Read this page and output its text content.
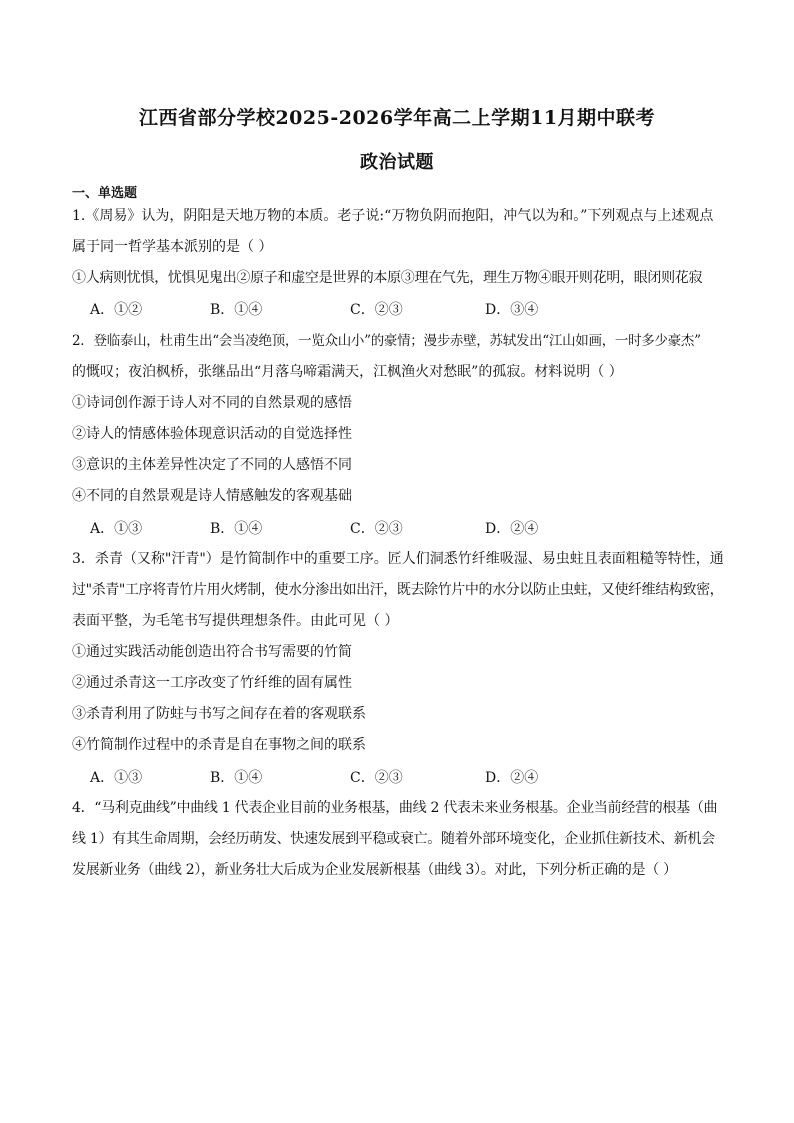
江西省部分学校2025-2026学年高二上学期11月期中联考
政治试题
一、单选题
1.《周易》认为，阴阳是天地万物的本质。老子说:“万物负阴而抱阳，冲气以为和。”下列观点与上述观点
属于同一哲学基本派别的是（ ）
①人病则忧惧，忧惧见鬼出②原子和虚空是世界的本原③理在气先，理生万物④眼开则花明，眼闭则花寂
A．①②	B．①④	C．②③	D．③④
2．登临泰山，杜甫生出“会当凌绝顶，一览众山小”的豪情；漫步赤壁，苏轼发出“江山如画，一时多少豪杰”
的慨叹；夜泊枫桥，张继品出“月落乌啼霜满天，江枫渔火对愁眠”的孤寂。材料说明（ ）
①诗词创作源于诗人对不同的自然景观的感悟
②诗人的情感体验体现意识活动的自觉选择性
③意识的主体差异性决定了不同的人感悟不同
④不同的自然景观是诗人情感触发的客观基础
A．①③	B．①④	C．②③	D．②④
3．杀青（又称"汗青"）是竹简制作中的重要工序。匠人们洞悉竹纤维吸湿、易虫蛀且表面粗糙等特性，通
过"杀青"工序将青竹片用火烤制，使水分渗出如出汗，既去除竹片中的水分以防止虫蛀，又使纤维结构致密，
表面平整，为毛笔书写提供理想条件。由此可见（ ）
①通过实践活动能创造出符合书写需要的竹简
②通过杀青这一工序改变了竹纤维的固有属性
③杀青利用了防蛀与书写之间存在着的客观联系
④竹简制作过程中的杀青是自在事物之间的联系
A．①③	B．①④	C．②③	D．②④
4．“马利克曲线”中曲线 1 代表企业目前的业务根基，曲线 2 代表未来业务根基。企业当前经营的根基（曲
线 1）有其生命周期，会经历萌发、快速发展到平稳或衰亡。随着外部环境变化，企业抓住新技术、新机会
发展新业务（曲线 2），新业务壮大后成为企业发展新根基（曲线 3）。对此，下列分析正确的是（ ）
